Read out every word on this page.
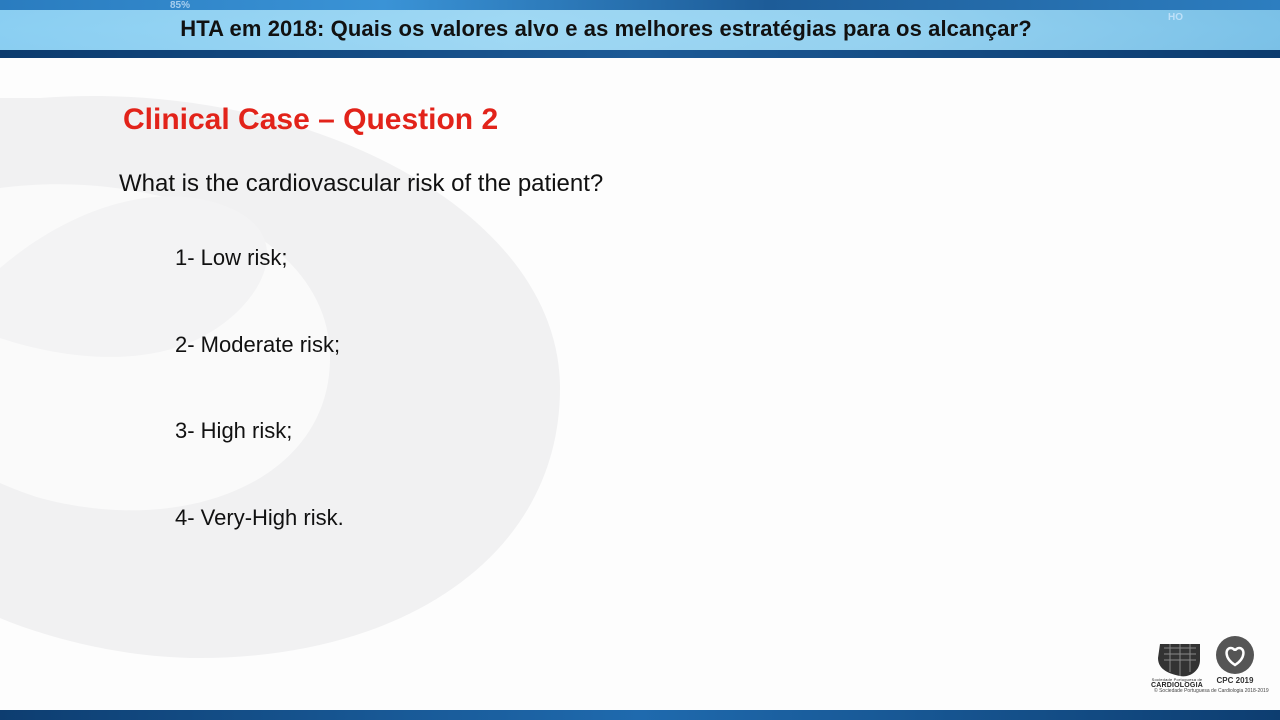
85%
HO
HTA em 2018: Quais os valores alvo e as melhores estratégias para os alcançar?
Clinical Case – Question 2
What is the cardiovascular risk of the patient?
1- Low risk;
2- Moderate risk;
3- High risk;
4- Very-High risk.
Sociedade Portuguesa de
CARDIOLOGIA
CPC 2019
© Sociedade Portuguesa de Cardiologia 2018-2019
